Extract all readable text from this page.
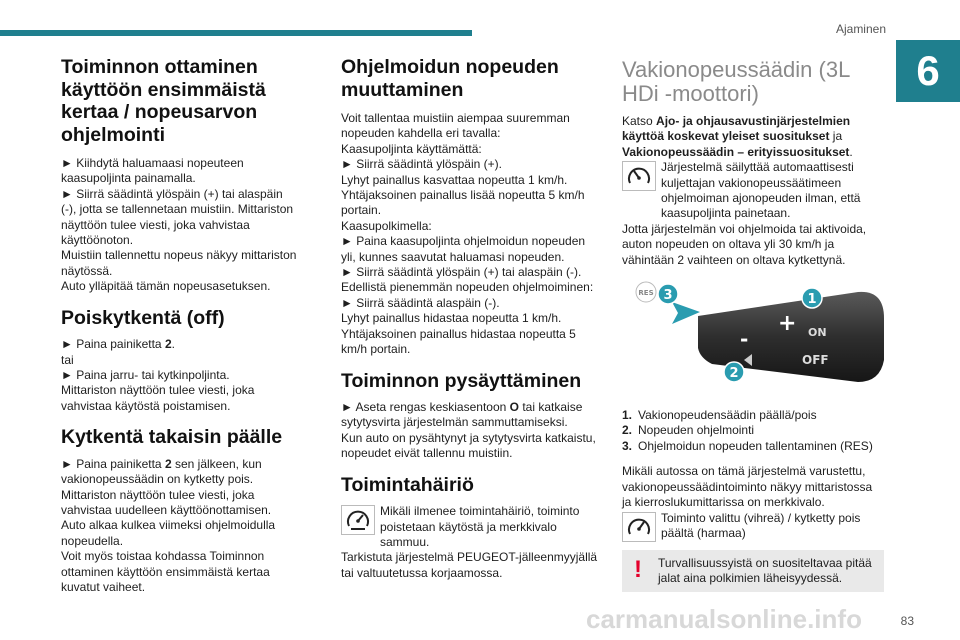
Ajaminen
6
Toiminnon ottaminen käyttöön ensimmäistä kertaa / nopeusarvon ohjelmointi

► Kiihdytä haluamaasi nopeuteen kaasupoljinta painamalla.

► Siirrä säädintä ylöspäin (+) tai alaspäin (-), jotta se tallennetaan muistiin. Mittariston näyttöön tulee viesti, joka vahvistaa käyttöönoton.

Muistiin tallennettu nopeus näkyy mittariston näytössä.

Auto ylläpitää tämän nopeusasetuksen.

Poiskytkentä (off)

► Paina painiketta 2.

tai

► Paina jarru- tai kytkinpoljinta.

Mittariston näyttöön tulee viesti, joka vahvistaa käytöstä poistamisen.

Kytkentä takaisin päälle

► Paina painiketta 2 sen jälkeen, kun vakionopeussäädin on kytketty pois. Mittariston näyttöön tulee viesti, joka vahvistaa uudelleen käyttöönottamisen.

Auto alkaa kulkea viimeksi ohjelmoidulla nopeudella.

Voit myös toistaa kohdassa Toiminnon ottaminen käyttöön ensimmäistä kertaa kuvatut vaiheet.

Ohjelmoidun nopeuden muuttaminen

Voit tallentaa muistiin aiempaa suuremman nopeuden kahdella eri tavalla:

Kaasupoljinta käyttämättä:

► Siirrä säädintä ylöspäin (+).

Lyhyt painallus kasvattaa nopeutta 1 km/h.

Yhtäjaksoinen painallus lisää nopeutta 5 km/h portain.

Kaasupolkimella:

► Paina kaasupoljinta ohjelmoidun nopeuden yli, kunnes saavutat haluamasi nopeuden.

► Siirrä säädintä ylöspäin (+) tai alaspäin (-).

Edellistä pienemmän nopeuden ohjelmoiminen:

► Siirrä säädintä alaspäin (-).

Lyhyt painallus hidastaa nopeutta 1 km/h.

Yhtäjaksoinen painallus hidastaa nopeutta 5 km/h portain.

Toiminnon pysäyttäminen

► Aseta rengas keskiasentoon O tai katkaise sytytysvirta järjestelmän sammuttamiseksi.

Kun auto on pysähtynyt ja sytytysvirta katkaistu, nopeudet eivät tallennu muistiin.

Toimintahäiriö

Mikäli ilmenee toimintahäiriö, toiminto poistetaan käytöstä ja merkkivalo sammuu.

Tarkistuta järjestelmä PEUGEOT-jälleenmyyjällä tai valtuutetussa korjaamossa.

Vakionopeussäädin (3L HDi -moottori)

Katso Ajo- ja ohjausavustinjärjestelmien käyttöä koskevat yleiset suositukset ja Vakionopeussäädin – erityissuositukset.

Järjestelmä säilyttää automaattisesti kuljettajan vakionopeussäätimeen ohjelmoiman ajonopeuden ilman, että kaasupoljinta painetaan.

Jotta järjestelmän voi ohjelmoida tai aktivoida, auton nopeuden on oltava yli 30 km/h ja vähintään 2 vaihteen on oltava kytkettynä.

+
-	ON
OFF
RES 3	1
2
1. Vakionopeudensäädin päällä/pois
2. Nopeuden ohjelmointi
3. Ohjelmoidun nopeuden tallentaminen (RES)

Mikäli autossa on tämä järjestelmä varustettu, vakionopeussäädintoiminto näkyy mittaristossa ja kierroslukumittarissa on merkkivalo.

Toiminto valittu (vihreä) / kytketty pois päältä (harmaa)

!	Turvallisuussyistä on suositeltavaa pitää jalat aina polkimien läheisyydessä.

carmanualsonline.info	83
